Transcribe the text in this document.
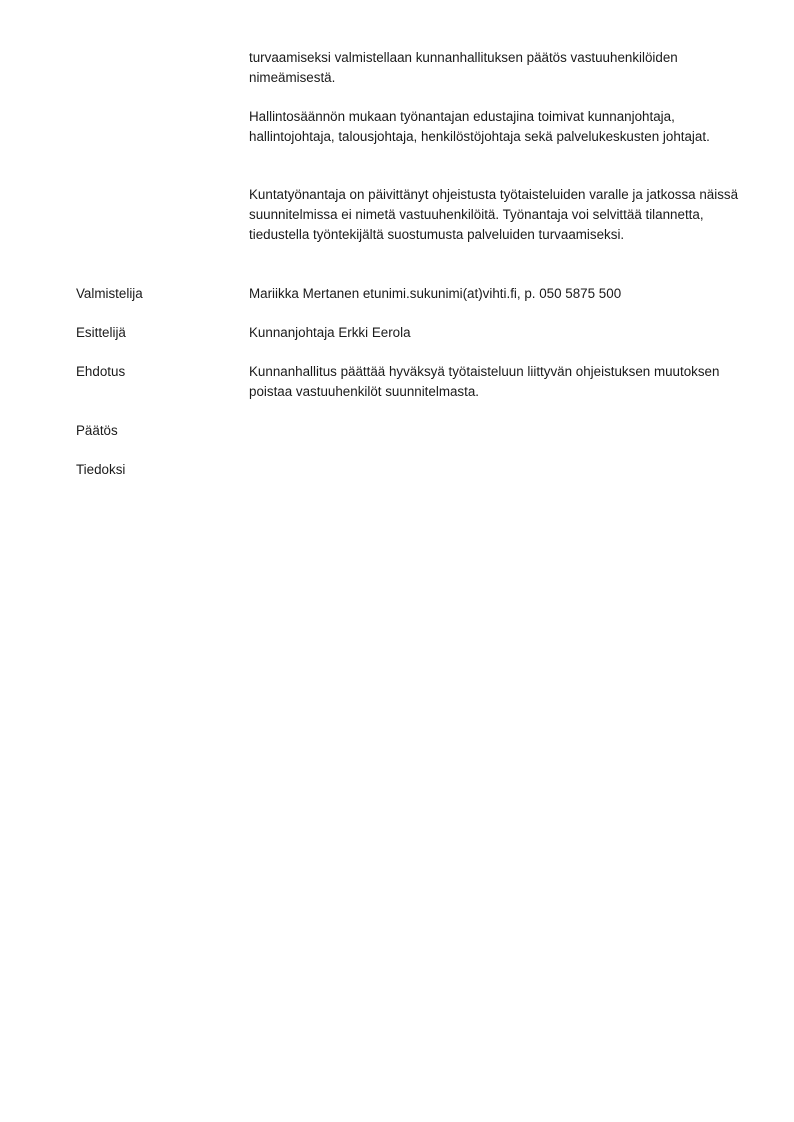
turvaamiseksi valmistellaan kunnanhallituksen päätös vastuuhenkilöiden nimeämisestä.

Hallintosäännön mukaan työnantajan edustajina toimivat kunnanjohtaja, hallintojohtaja, talousjohtaja, henkilöstöjohtaja sekä palvelukeskusten johtajat.

Kuntatyönantaja on päivittänyt ohjeistusta työtaisteluiden varalle ja jatkossa näissä suunnitelmissa ei nimetä vastuuhenkilöitä. Työnantaja voi selvittää tilannetta, tiedustella työntekijältä suostumusta palveluiden turvaamiseksi.

Valmistelija	Mariikka Mertanen etunimi.sukunimi(at)vihti.fi, p. 050 5875 500

Esittelijä	Kunnanjohtaja Erkki Eerola

Ehdotus	Kunnanhallitus päättää hyväksyä työtaisteluun liittyvän ohjeistuksen muutoksen poistaa vastuuhenkilöt suunnitelmasta.

Päätös

Tiedoksi
